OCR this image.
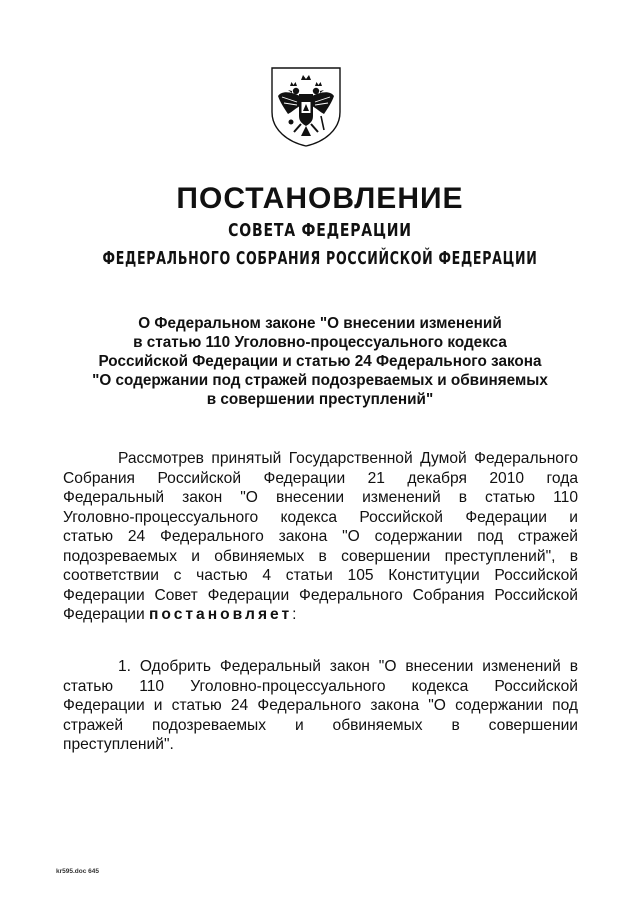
ПОСТАНОВЛЕНИЕ
СОВЕТА ФЕДЕРАЦИИ
ФЕДЕРАЛЬНОГО СОБРАНИЯ РОССИЙСКОЙ ФЕДЕРАЦИИ
О Федеральном законе "О внесении изменений
в статью 110 Уголовно-процессуального кодекса
Российской Федерации и статью 24 Федерального закона
"О содержании под стражей подозреваемых и обвиняемых
в совершении преступлений"
Рассмотрев принятый Государственной Думой Федерального
Собрания Российской Федерации 21 декабря 2010 года
Федеральный закон "О внесении изменений в статью 110
Уголовно-процессуального кодекса Российской Федерации и
статью 24 Федерального закона "О содержании под стражей
подозреваемых и обвиняемых в совершении преступлений", в
соответствии с частью 4 статьи 105 Конституции Российской
Федерации Совет Федерации Федерального Собрания Российской
Федерации постановляет:
1. Одобрить Федеральный закон "О внесении изменений в
статью 110 Уголовно-процессуального кодекса Российской
Федерации и статью 24 Федерального закона "О содержании под
стражей подозреваемых и обвиняемых в совершении
преступлений".
kr595.doc 645
